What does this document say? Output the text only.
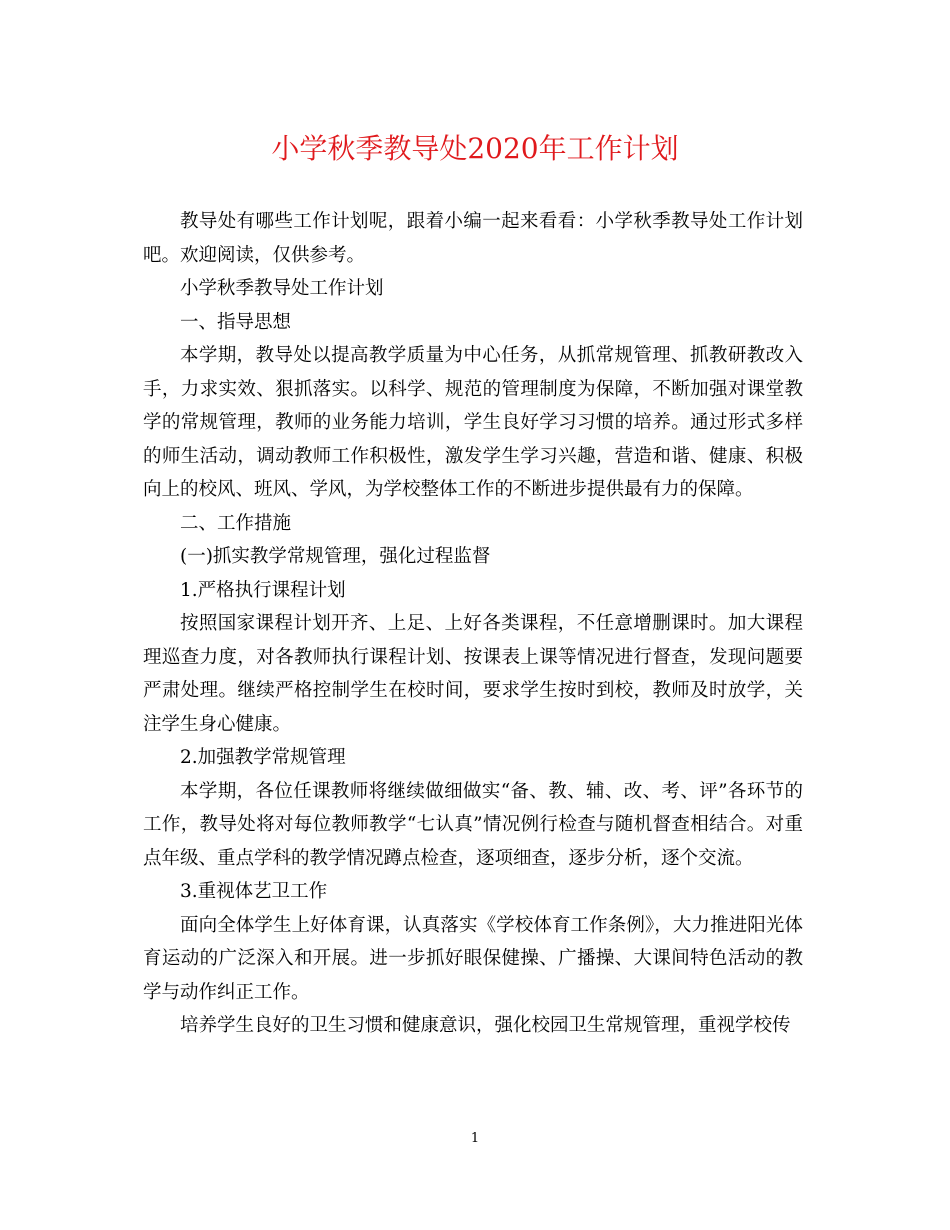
小学秋季教导处2020年工作计划

教导处有哪些工作计划呢，跟着小编一起来看看：小学秋季教导处工作计划吧。欢迎阅读，仅供参考。

小学秋季教导处工作计划

一、指导思想

本学期，教导处以提高教学质量为中心任务，从抓常规管理、抓教研教改入手，力求实效、狠抓落实。以科学、规范的管理制度为保障，不断加强对课堂教学的常规管理，教师的业务能力培训，学生良好学习习惯的培养。通过形式多样的师生活动，调动教师工作积极性，激发学生学习兴趣，营造和谐、健康、积极向上的校风、班风、学风，为学校整体工作的不断进步提供最有力的保障。

二、工作措施

(一)抓实教学常规管理，强化过程监督

1.严格执行课程计划

按照国家课程计划开齐、上足、上好各类课程，不任意增删课时。加大课程理巡查力度，对各教师执行课程计划、按课表上课等情况进行督查，发现问题要严肃处理。继续严格控制学生在校时间，要求学生按时到校，教师及时放学，关注学生身心健康。

2.加强教学常规管理

本学期，各位任课教师将继续做细做实“备、教、辅、改、考、评”各环节的工作，教导处将对每位教师教学“七认真”情况例行检查与随机督查相结合。对重点年级、重点学科的教学情况蹲点检查，逐项细查，逐步分析，逐个交流。

3.重视体艺卫工作

面向全体学生上好体育课，认真落实《学校体育工作条例》，大力推进阳光体育运动的广泛深入和开展。进一步抓好眼保健操、广播操、大课间特色活动的教学与动作纠正工作。

培养学生良好的卫生习惯和健康意识，强化校园卫生常规管理，重视学校传

1
